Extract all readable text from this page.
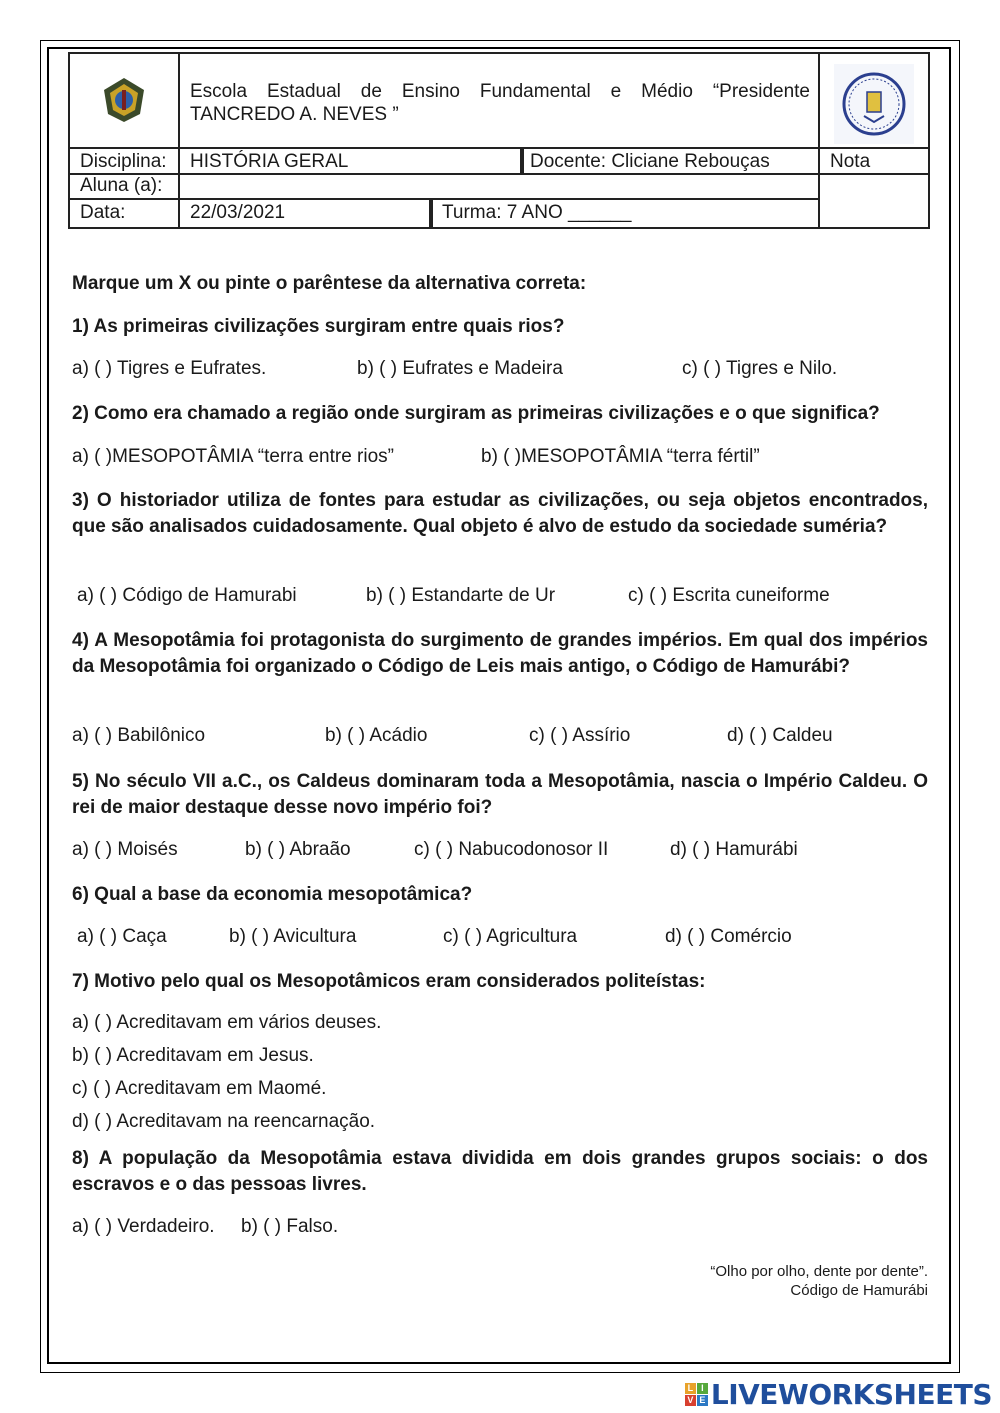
Escola Estadual de Ensino Fundamental e Médio “Presidente TANCREDO A. NEVES ”
Disciplina: HISTÓRIA GERAL	Docente: Cliciane Rebouças	Nota
Aluna (a):
Data:	22/03/2021	Turma: 7 ANO ______
Marque um X ou pinte o parêntese da alternativa correta:
1) As primeiras civilizações surgiram entre quais rios?
a) ( ) Tigres e Eufrates.	b) ( ) Eufrates e Madeira	c) ( ) Tigres e Nilo.
2) Como era chamado a região onde surgiram as primeiras civilizações e o que significa?
a) ( )MESOPOTÂMIA “terra entre rios”	b) ( )MESOPOTÂMIA “terra fértil”
3) O historiador utiliza de fontes para estudar as civilizações, ou seja objetos encontrados, que são analisados cuidadosamente. Qual objeto é alvo de estudo da sociedade suméria?
a) ( ) Código de Hamurabi	b) ( ) Estandarte de Ur	c) ( ) Escrita cuneiforme
4) A Mesopotâmia foi protagonista do surgimento de grandes impérios. Em qual dos impérios da Mesopotâmia foi organizado o Código de Leis mais antigo, o Código de Hamurábi?
a) ( ) Babilônico	b) ( ) Acádio	c) ( ) Assírio	d) ( ) Caldeu
5) No século VII a.C., os Caldeus dominaram toda a Mesopotâmia, nascia o Império Caldeu. O rei de maior destaque desse novo império foi?
a) ( ) Moisés	b) ( ) Abraão	c) ( ) Nabucodonosor II	d) ( ) Hamurábi
6) Qual a base da economia mesopotâmica?
a) ( ) Caça	b) ( ) Avicultura	c) ( ) Agricultura	d) ( ) Comércio
7) Motivo pelo qual os Mesopotâmicos eram considerados politeístas:
a) ( ) Acreditavam em vários deuses.
b) ( ) Acreditavam em Jesus.
c) ( ) Acreditavam em Maomé.
d) ( ) Acreditavam na reencarnação.
8) A população da Mesopotâmia estava dividida em dois grandes grupos sociais: o dos escravos e o das pessoas livres.
a) ( ) Verdadeiro. b) ( ) Falso.
“Olho por olho, dente por dente”.
Código de Hamurábi
L I
V E LIVEWORKSHEETS
